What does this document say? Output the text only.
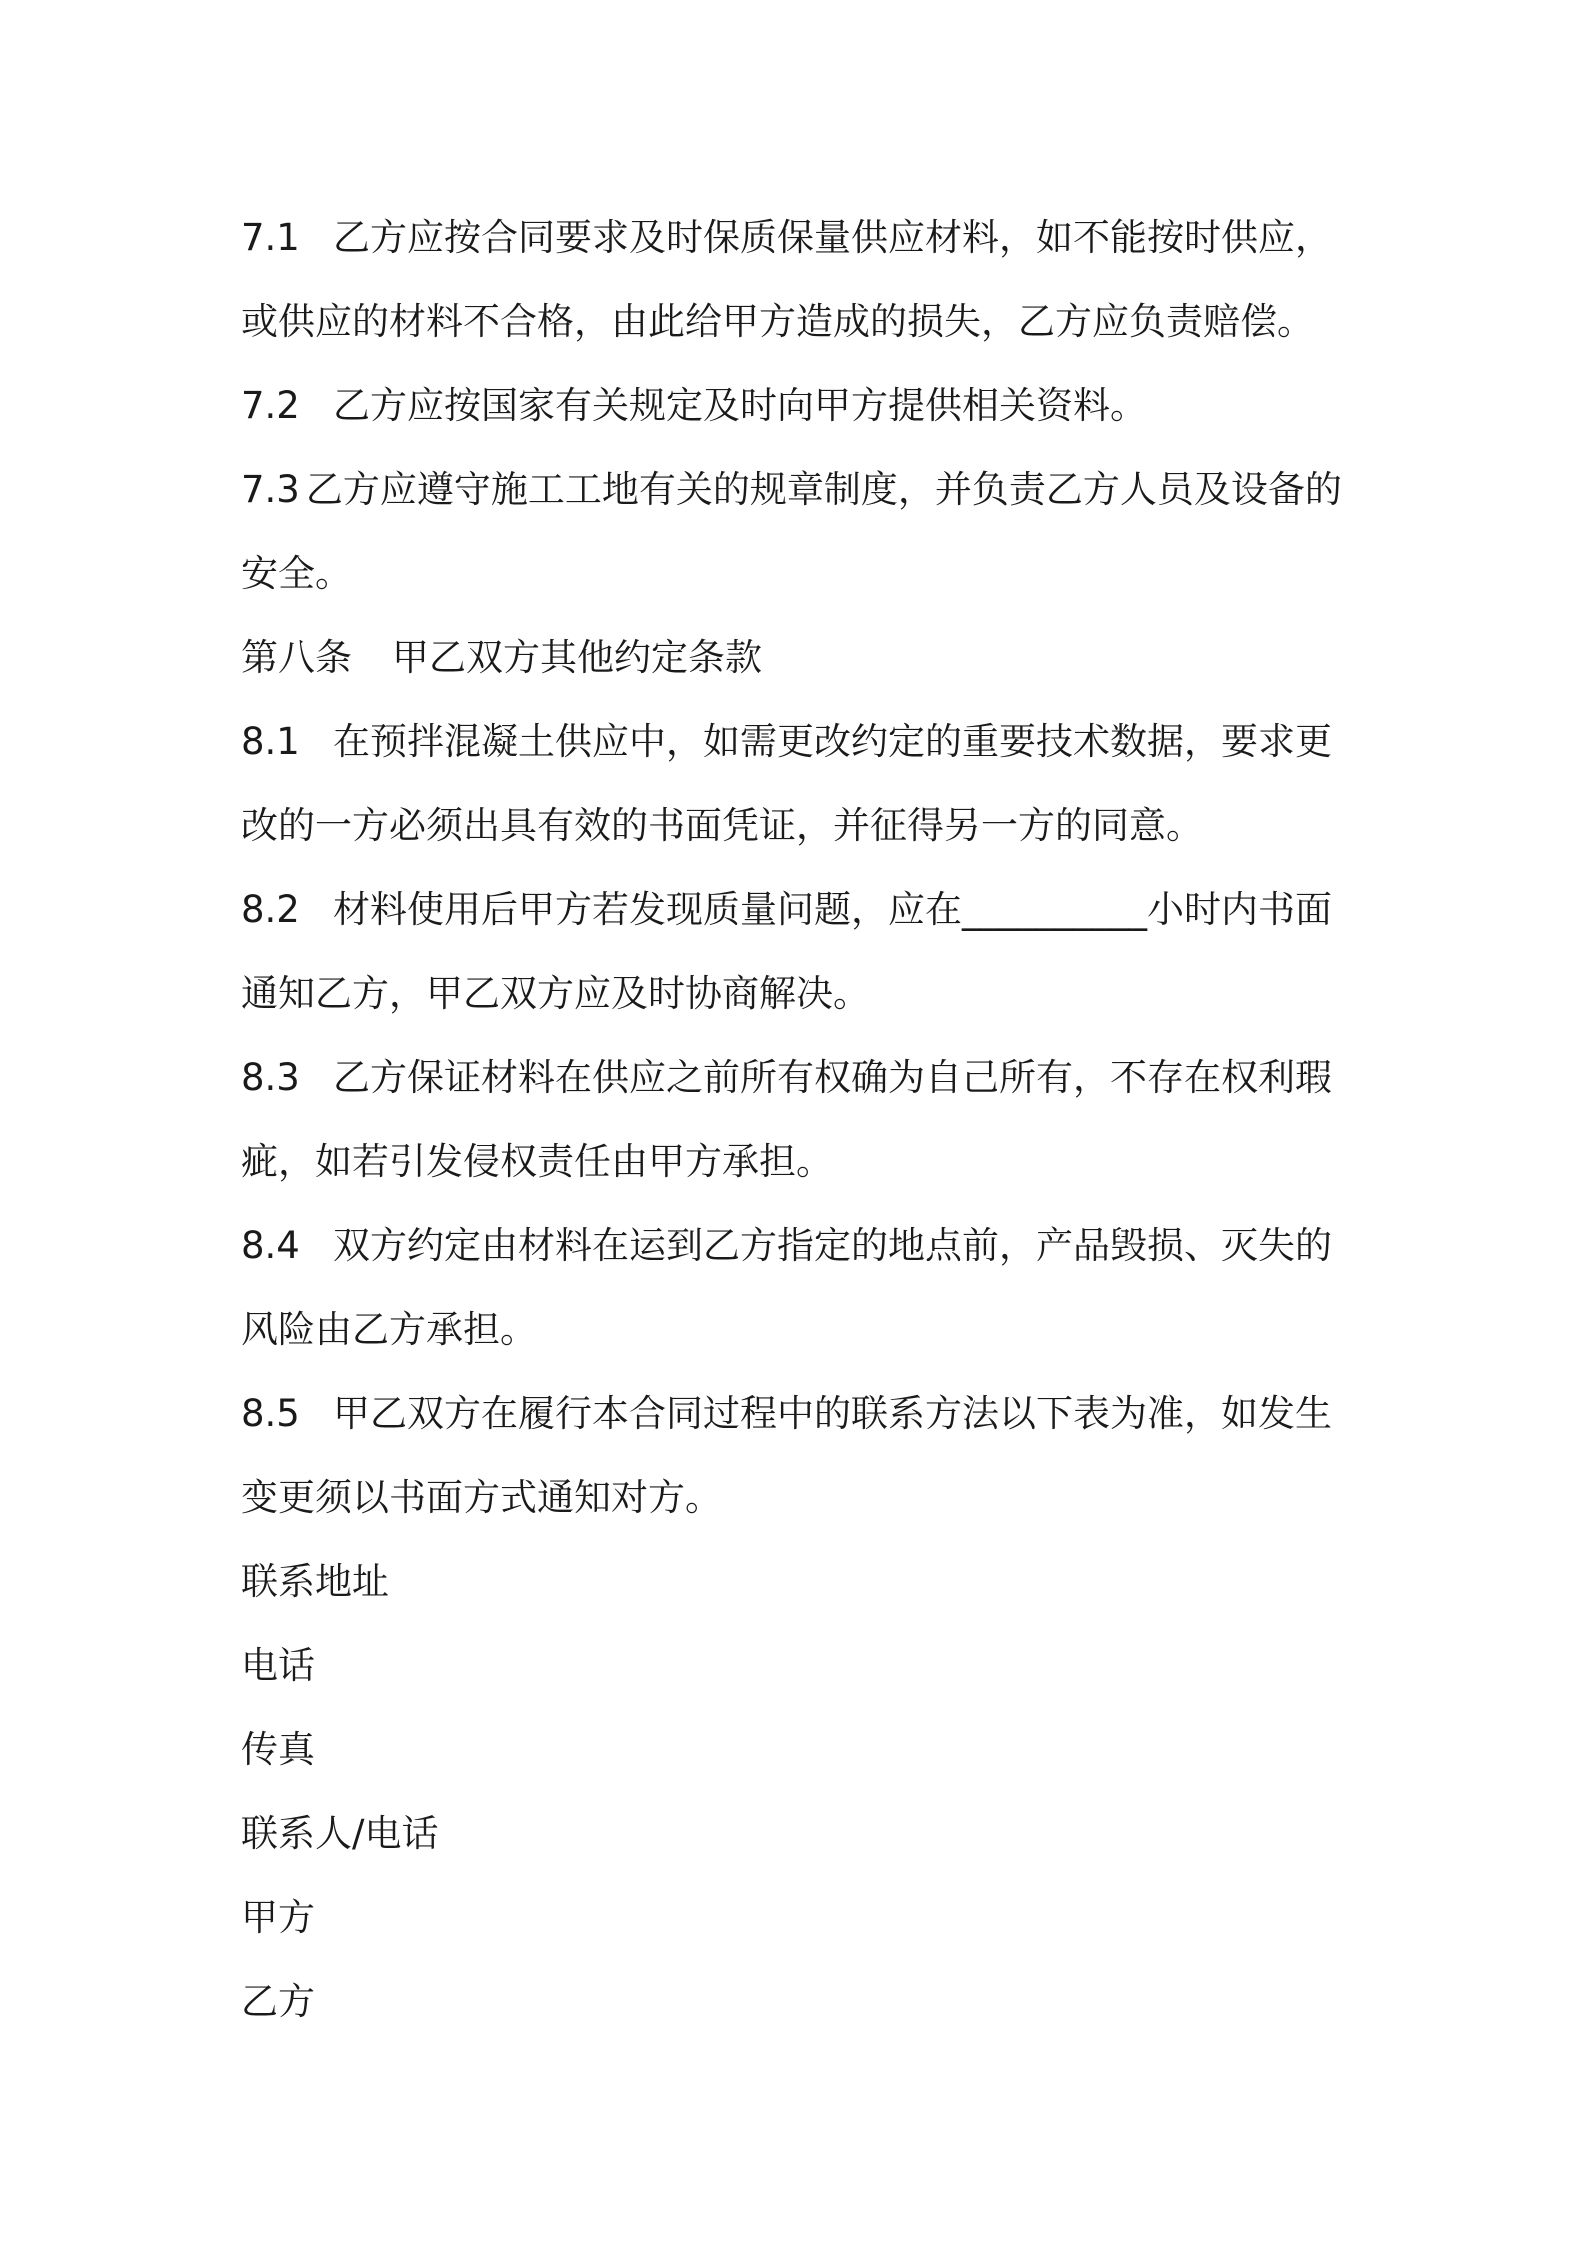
7.1 乙方应按合同要求及时保质保量供应材料，如不能按时供应，
或供应的材料不合格，由此给甲方造成的损失，乙方应负责赔偿。
7.2 乙方应按国家有关规定及时向甲方提供相关资料。
7.3 乙方应遵守施工工地有关的规章制度，并负责乙方人员及设备的
安全。
第八条 甲乙双方其他约定条款
8.1 在预拌混凝土供应中，如需更改约定的重要技术数据，要求更
改的一方必须出具有效的书面凭证，并征得另一方的同意。
8.2 材料使用后甲方若发现质量问题，应在__________小时内书面
通知乙方，甲乙双方应及时协商解决。
8.3 乙方保证材料在供应之前所有权确为自己所有，不存在权利瑕
疵，如若引发侵权责任由甲方承担。
8.4 双方约定由材料在运到乙方指定的地点前，产品毁损、灭失的
风险由乙方承担。
8.5 甲乙双方在履行本合同过程中的联系方法以下表为准，如发生
变更须以书面方式通知对方。
联系地址
电话
传真
联系人/电话
甲方
乙方
